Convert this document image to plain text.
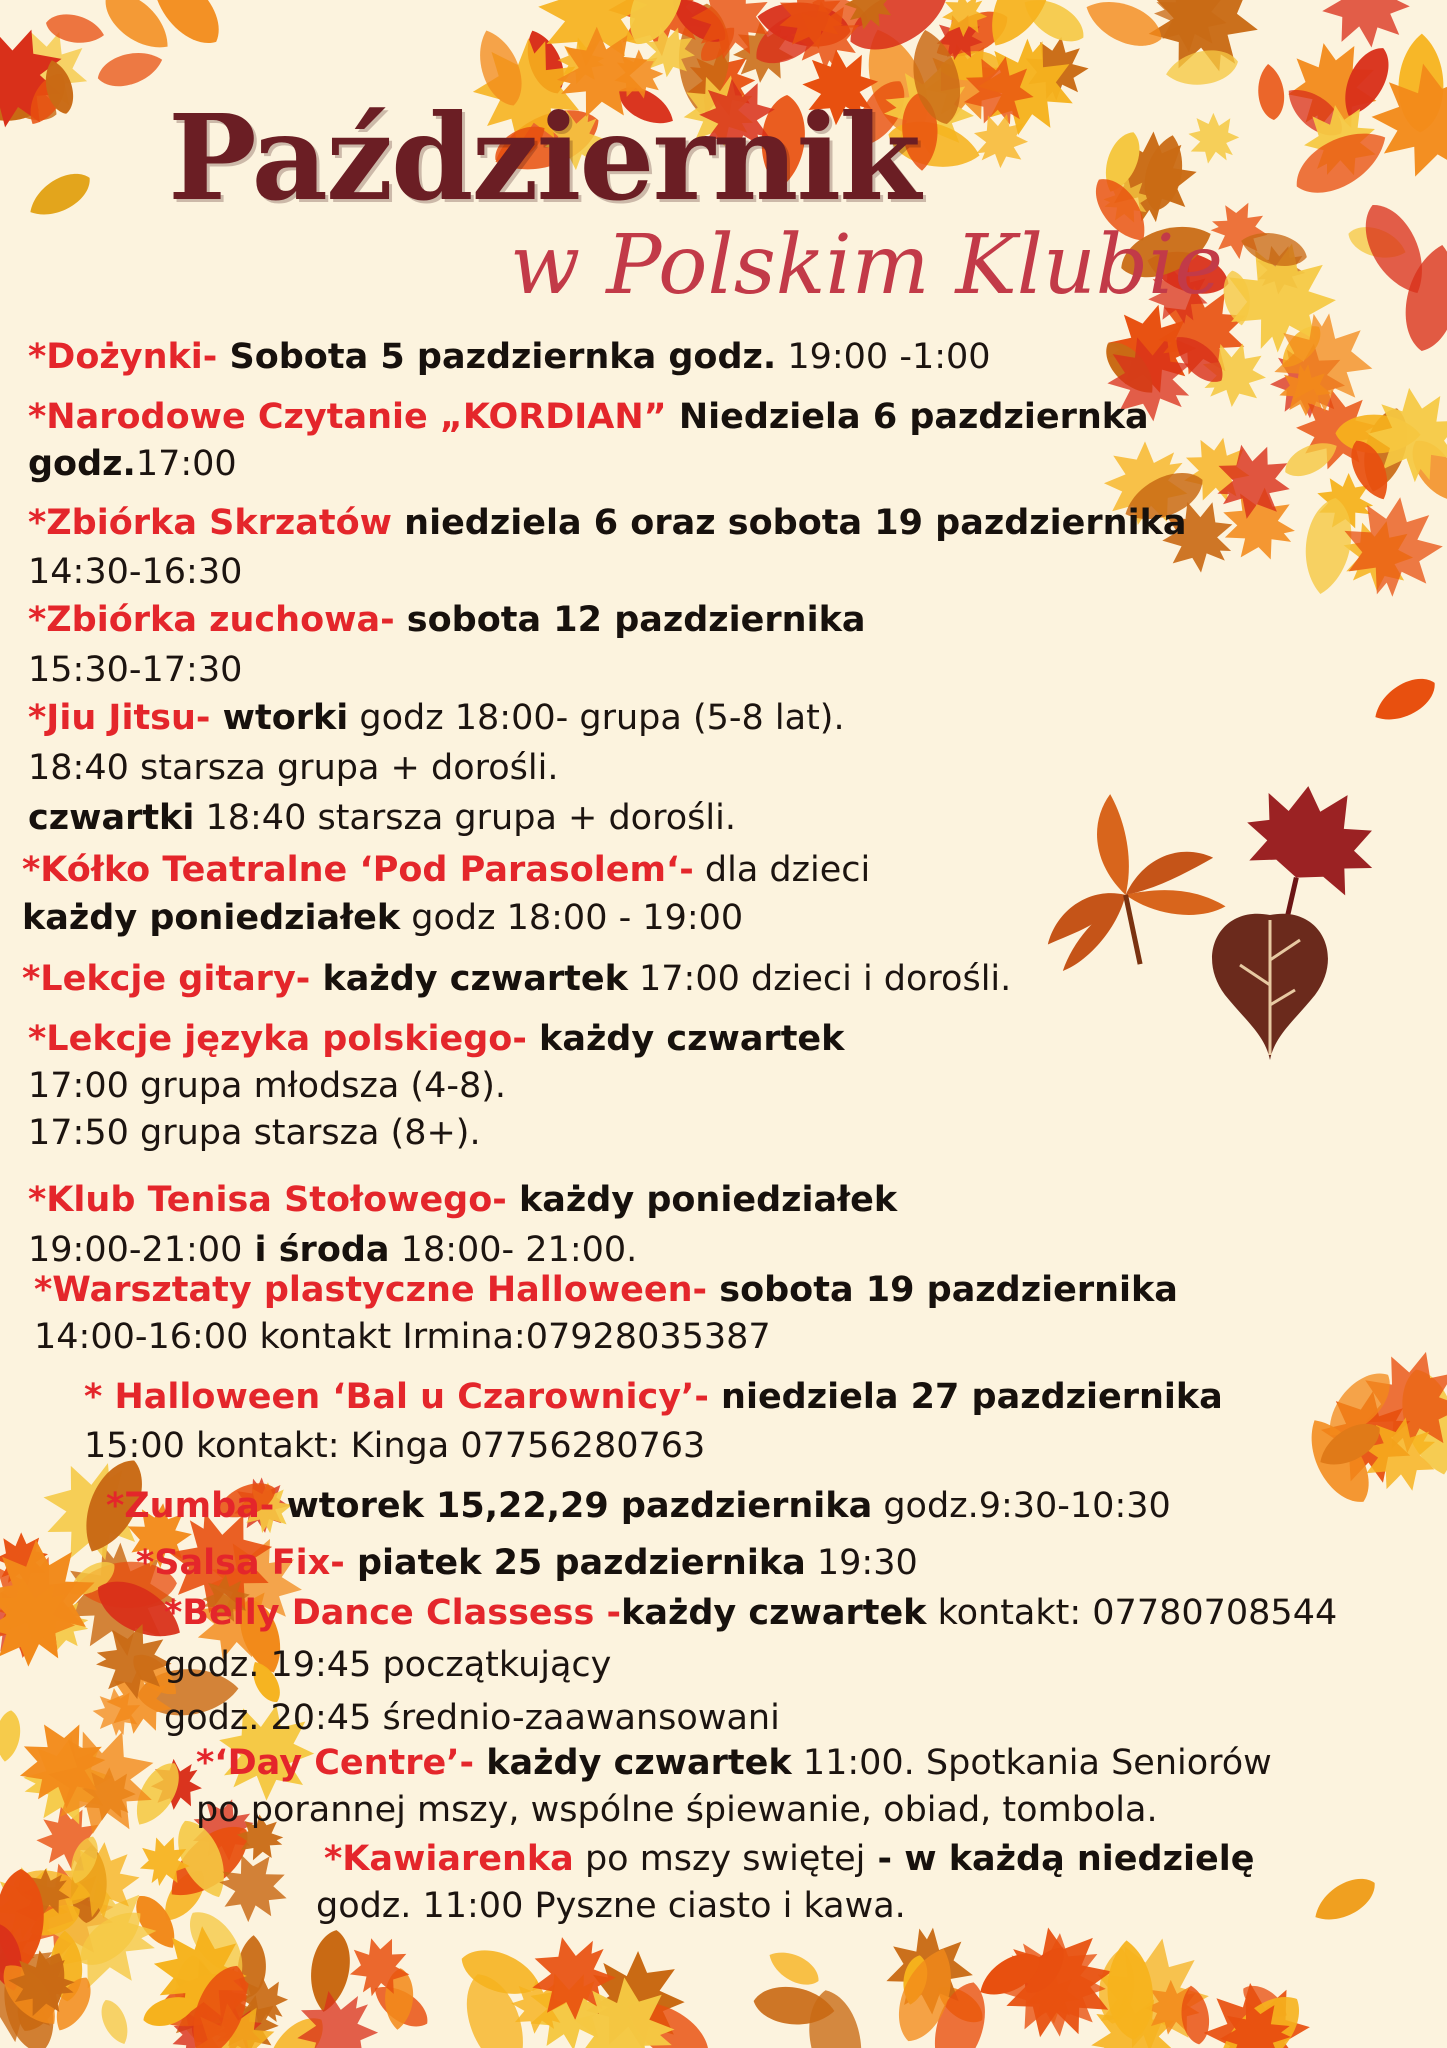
Październik
w Polskim Klubie
*Dożynki- Sobota 5 pazdziernka godz. 19:00 -1:00
*Narodowe Czytanie „KORDIAN” Niedziela 6 pazdziernka
godz.17:00
*Zbiórka Skrzatów niedziela 6 oraz sobota 19 pazdziernika
14:30-16:30
*Zbiórka zuchowa- sobota 12 pazdziernika
15:30-17:30
*Jiu Jitsu- wtorki godz 18:00- grupa (5-8 lat).
18:40 starsza grupa + dorośli.
czwartki 18:40 starsza grupa + dorośli.
*Kółko Teatralne ‘Pod Parasolem‘- dla dzieci
każdy poniedziałek godz 18:00 - 19:00
*Lekcje gitary- każdy czwartek 17:00 dzieci i dorośli.
*Lekcje języka polskiego- każdy czwartek
17:00 grupa młodsza (4-8).
17:50 grupa starsza (8+).
*Klub Tenisa Stołowego- każdy poniedziałek
19:00-21:00 i środa 18:00- 21:00.
*Warsztaty plastyczne Halloween- sobota 19 pazdziernika
14:00-16:00 kontakt Irmina:07928035387
* Halloween ‘Bal u Czarownicy’- niedziela 27 pazdziernika
15:00 kontakt: Kinga 07756280763
*Zumba- wtorek 15,22,29 pazdziernika godz.9:30-10:30
*Salsa Fix- piatek 25 pazdziernika 19:30
*Belly Dance Classess -każdy czwartek kontakt: 07780708544
godz. 19:45 początkujący
godz. 20:45 średnio-zaawansowani
*‘Day Centre’- każdy czwartek 11:00. Spotkania Seniorów
po porannej mszy, wspólne śpiewanie, obiad, tombola.
*Kawiarenka po mszy swiętej - w każdą niedzielę
godz. 11:00 Pyszne ciasto i kawa.
